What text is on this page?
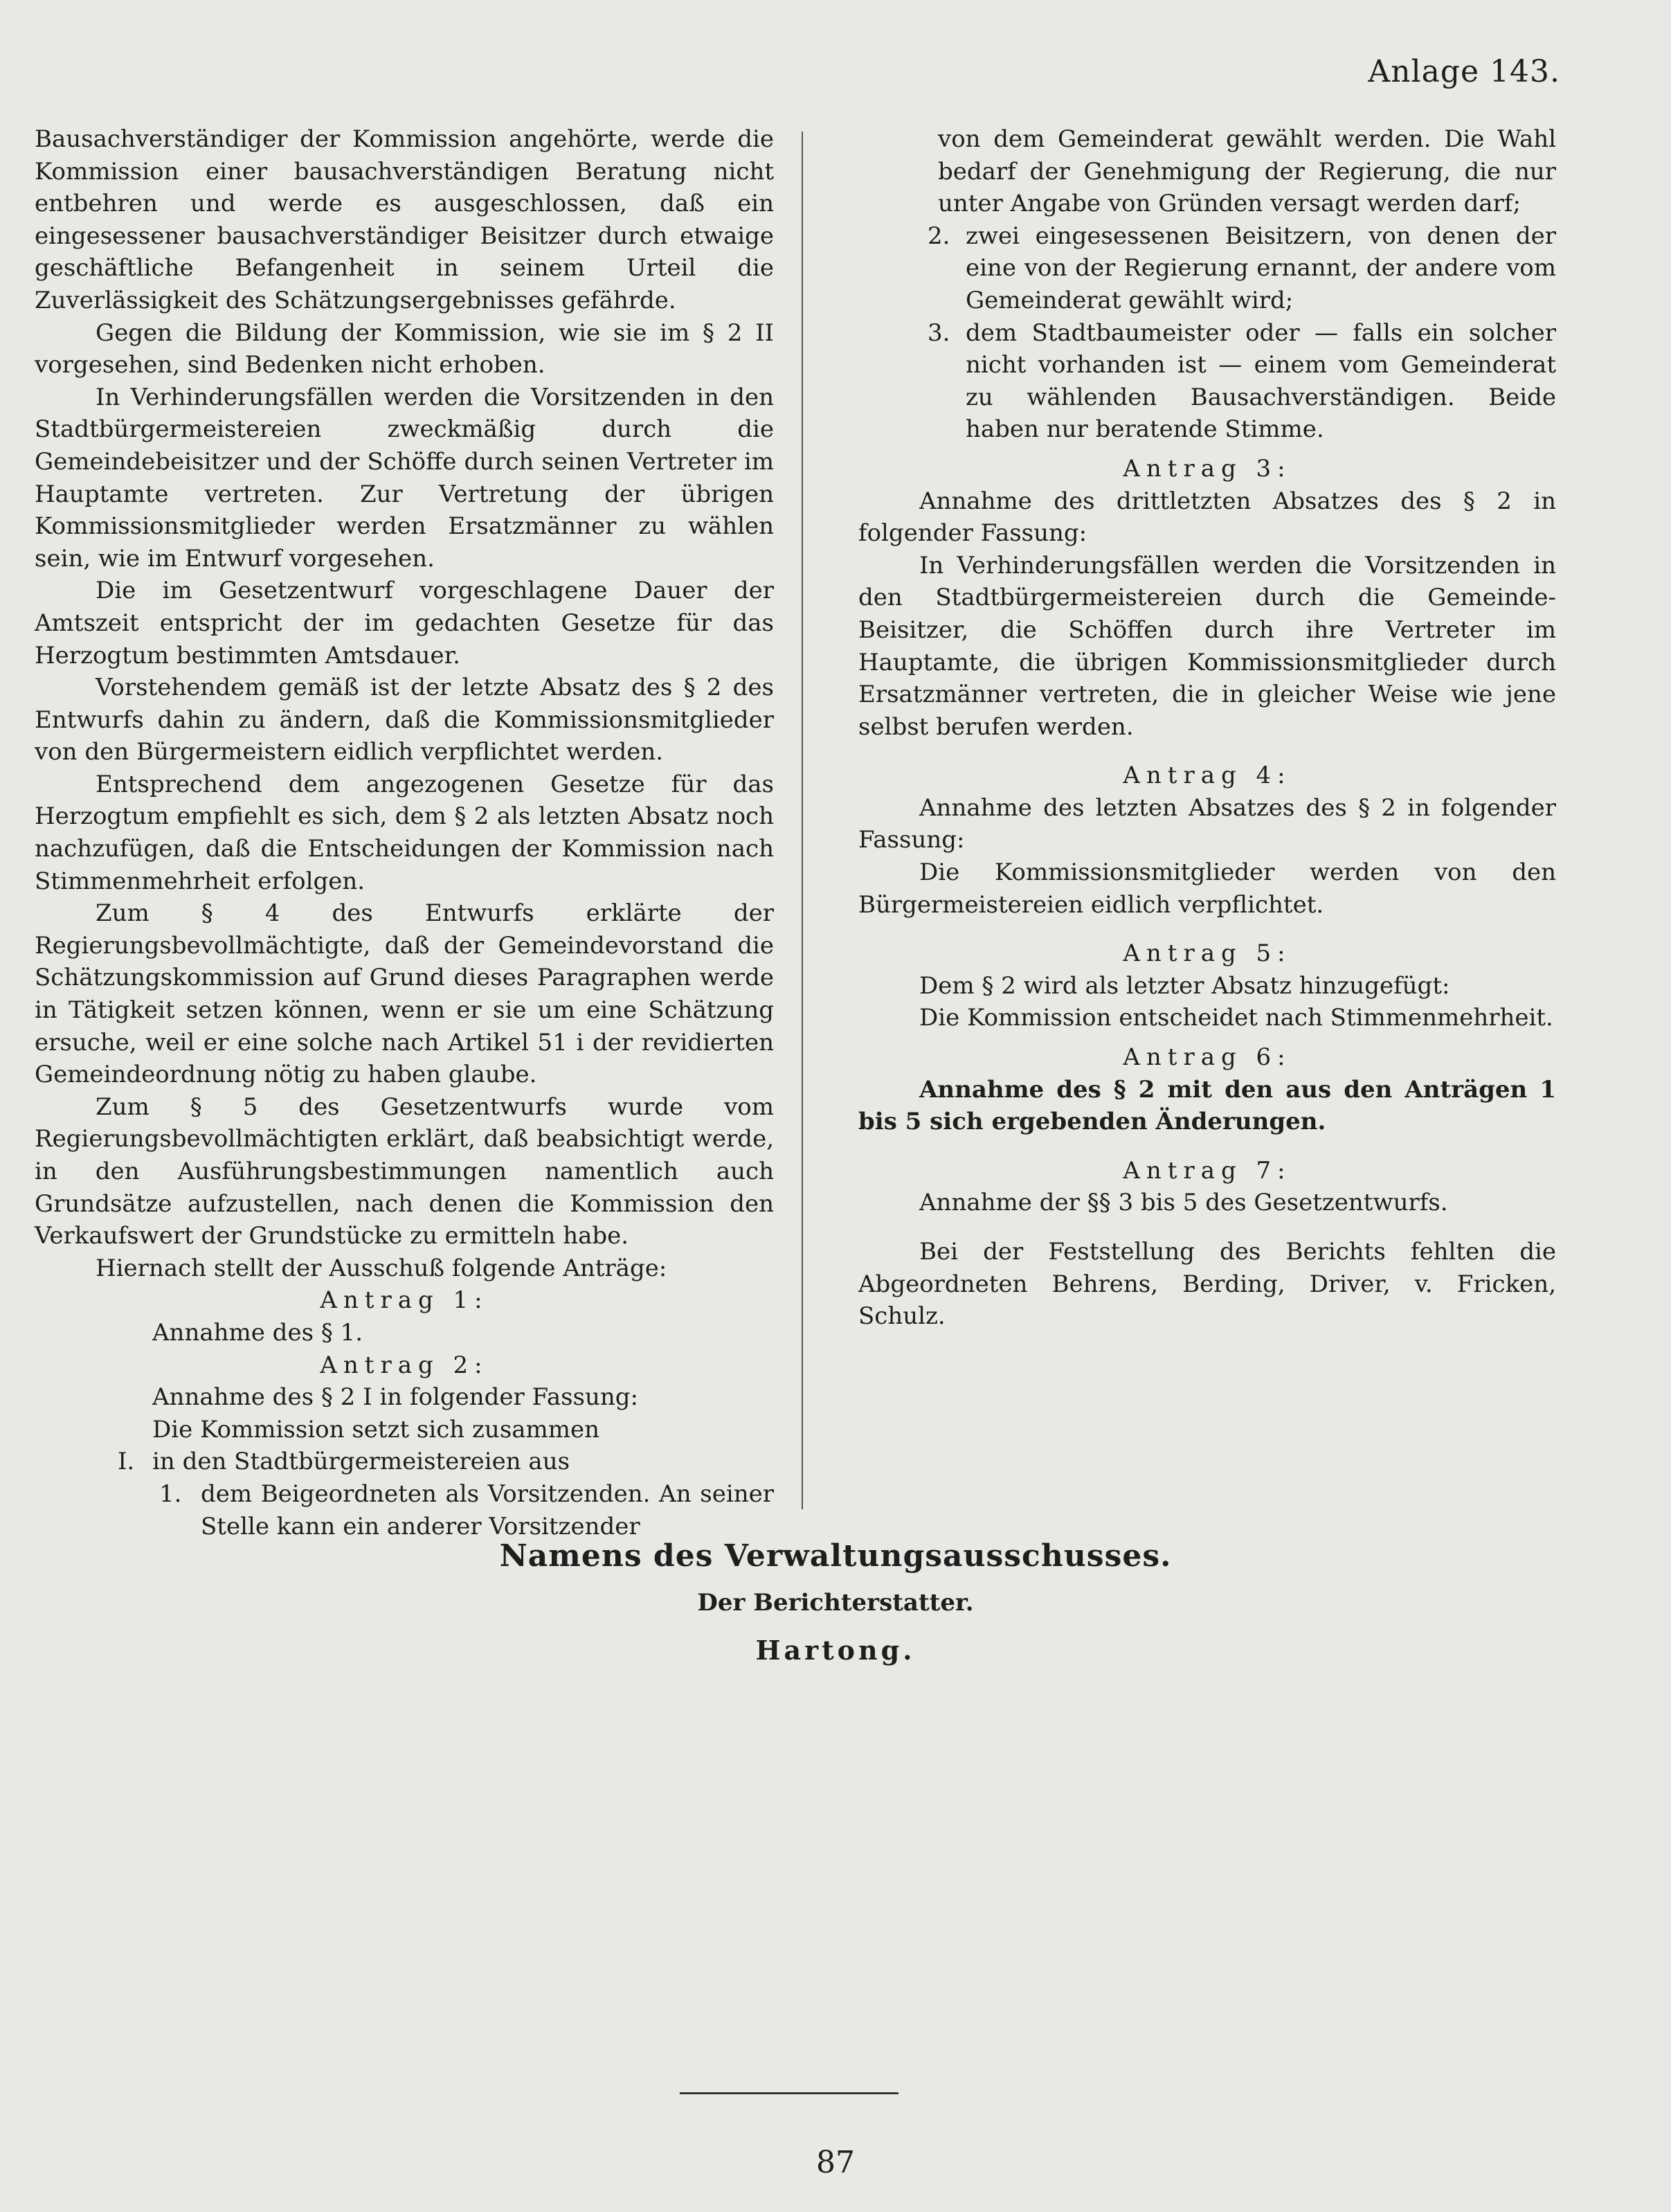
Anlage 143.

Bausachverständiger der Kommission angehörte, werde die Kommission einer bausachverständigen Beratung nicht entbehren und werde es ausgeschlossen, daß ein eingesessener bausachverständiger Beisitzer durch etwaige geschäftliche Befangenheit in seinem Urteil die Zuverlässigkeit des Schätzungsergebnisses gefährde.

Gegen die Bildung der Kommission, wie sie im § 2 II vorgesehen, sind Bedenken nicht erhoben.

In Verhinderungsfällen werden die Vorsitzenden in den Stadtbürgermeistereien zweckmäßig durch die Gemeindebeisitzer und der Schöffe durch seinen Vertreter im Hauptamte vertreten. Zur Vertretung der übrigen Kommissionsmitglieder werden Ersatzmänner zu wählen sein, wie im Entwurf vorgesehen.

Die im Gesetzentwurf vorgeschlagene Dauer der Amtszeit entspricht der im gedachten Gesetze für das Herzogtum bestimmten Amtsdauer.

Vorstehendem gemäß ist der letzte Absatz des § 2 des Entwurfs dahin zu ändern, daß die Kommissionsmitglieder von den Bürgermeistern eidlich verpflichtet werden.

Entsprechend dem angezogenen Gesetze für das Herzogtum empfiehlt es sich, dem § 2 als letzten Absatz noch nachzufügen, daß die Entscheidungen der Kommission nach Stimmenmehrheit erfolgen.

Zum § 4 des Entwurfs erklärte der Regierungsbevollmächtigte, daß der Gemeindevorstand die Schätzungskommission auf Grund dieses Paragraphen werde in Tätigkeit setzen können, wenn er sie um eine Schätzung ersuche, weil er eine solche nach Artikel 51 i der revidierten Gemeindeordnung nötig zu haben glaube.

Zum § 5 des Gesetzentwurfs wurde vom Regierungsbevollmächtigten erklärt, daß beabsichtigt werde, in den Ausführungsbestimmungen namentlich auch Grundsätze aufzustellen, nach denen die Kommission den Verkaufswert der Grundstücke zu ermitteln habe.

Hiernach stellt der Ausschuß folgende Anträge:

Antrag 1:

Annahme des § 1.

Antrag 2:

Annahme des § 2 I in folgender Fassung:

Die Kommission setzt sich zusammen

I. in den Stadtbürgermeistereien aus
1. dem Beigeordneten als Vorsitzenden. An seiner Stelle kann ein anderer Vorsitzender

von dem Gemeinderat gewählt werden. Die Wahl bedarf der Genehmigung der Regierung, die nur unter Angabe von Gründen versagt werden darf;

2. zwei eingesessenen Beisitzern, von denen der eine von der Regierung ernannt, der andere vom Gemeinderat gewählt wird;
3. dem Stadtbaumeister oder — falls ein solcher nicht vorhanden ist — einem vom Gemeinderat zu wählenden Bausachverständigen. Beide haben nur beratende Stimme.

Antrag 3:

Annahme des drittletzten Absatzes des § 2 in folgender Fassung:

In Verhinderungsfällen werden die Vorsitzenden in den Stadtbürgermeistereien durch die Gemeinde-Beisitzer, die Schöffen durch ihre Vertreter im Hauptamte, die übrigen Kommissionsmitglieder durch Ersatzmänner vertreten, die in gleicher Weise wie jene selbst berufen werden.

Antrag 4:

Annahme des letzten Absatzes des § 2 in folgender Fassung:

Die Kommissionsmitglieder werden von den Bürgermeistereien eidlich verpflichtet.

Antrag 5:

Dem § 2 wird als letzter Absatz hinzugefügt:

Die Kommission entscheidet nach Stimmenmehrheit.

Antrag 6:

Annahme des § 2 mit den aus den Anträgen 1 bis 5 sich ergebenden Änderungen.

Antrag 7:

Annahme der §§ 3 bis 5 des Gesetzentwurfs.

Bei der Feststellung des Berichts fehlten die Abgeordneten Behrens, Berding, Driver, v. Fricken, Schulz.

Namens des Verwaltungsausschusses.
Der Berichterstatter.
Hartong.
87
